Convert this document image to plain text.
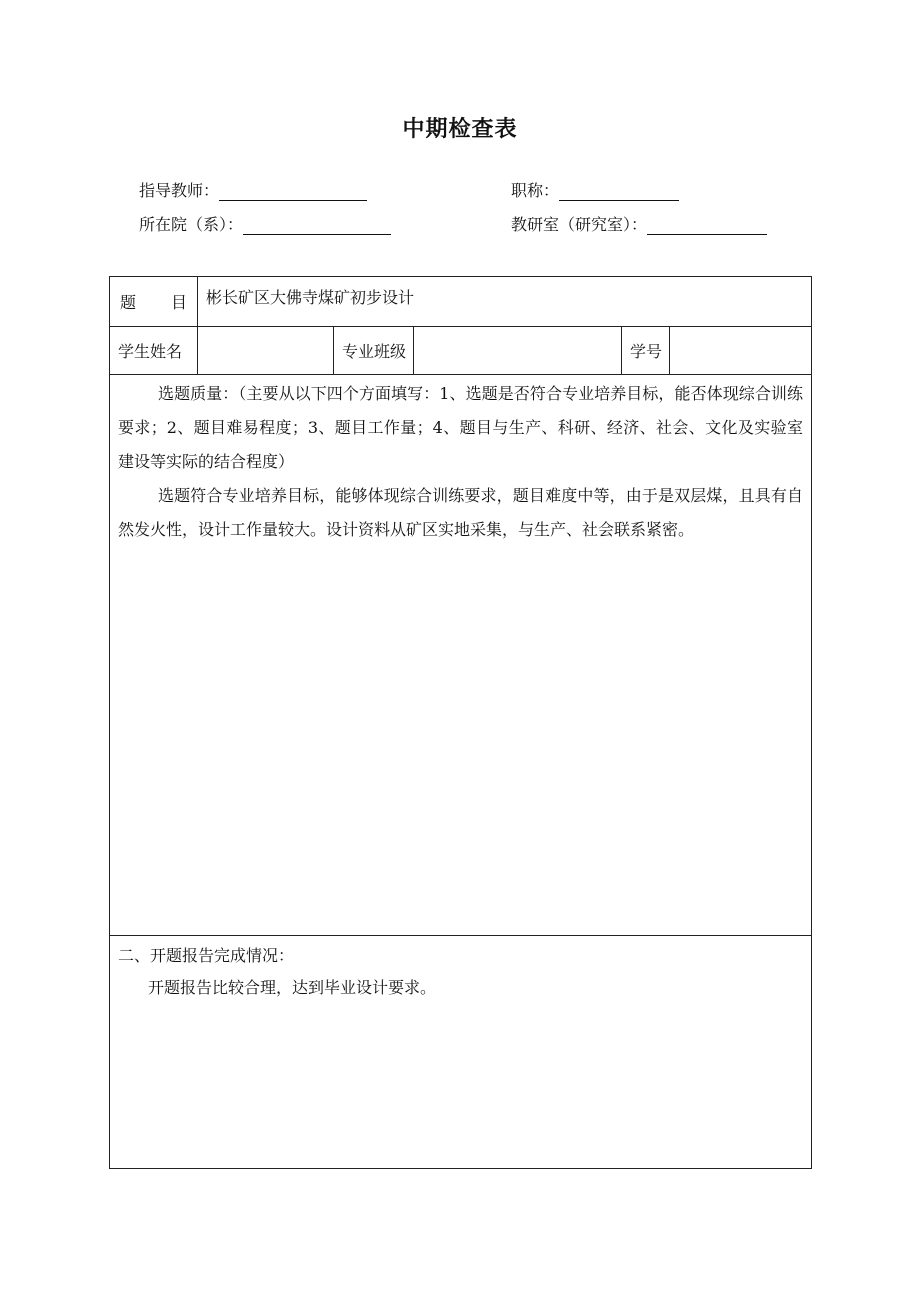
中期检查表
指导教师：	职称：
所在院（系）：	教研室（研究室）：
题 目	彬长矿区大佛寺煤矿初步设计
学生姓名	专业班级	学号
选题质量：（主要从以下四个方面填写：1、选题是否符合专业培养目标，能否体现综合训练要求；2、题目难易程度；3、题目工作量；4、题目与生产、科研、经济、社会、文化及实验室建设等实际的结合程度）
选题符合专业培养目标，能够体现综合训练要求，题目难度中等，由于是双层煤，且具有自然发火性，设计工作量较大。设计资料从矿区实地采集，与生产、社会联系紧密。
二、开题报告完成情况：
开题报告比较合理，达到毕业设计要求。
